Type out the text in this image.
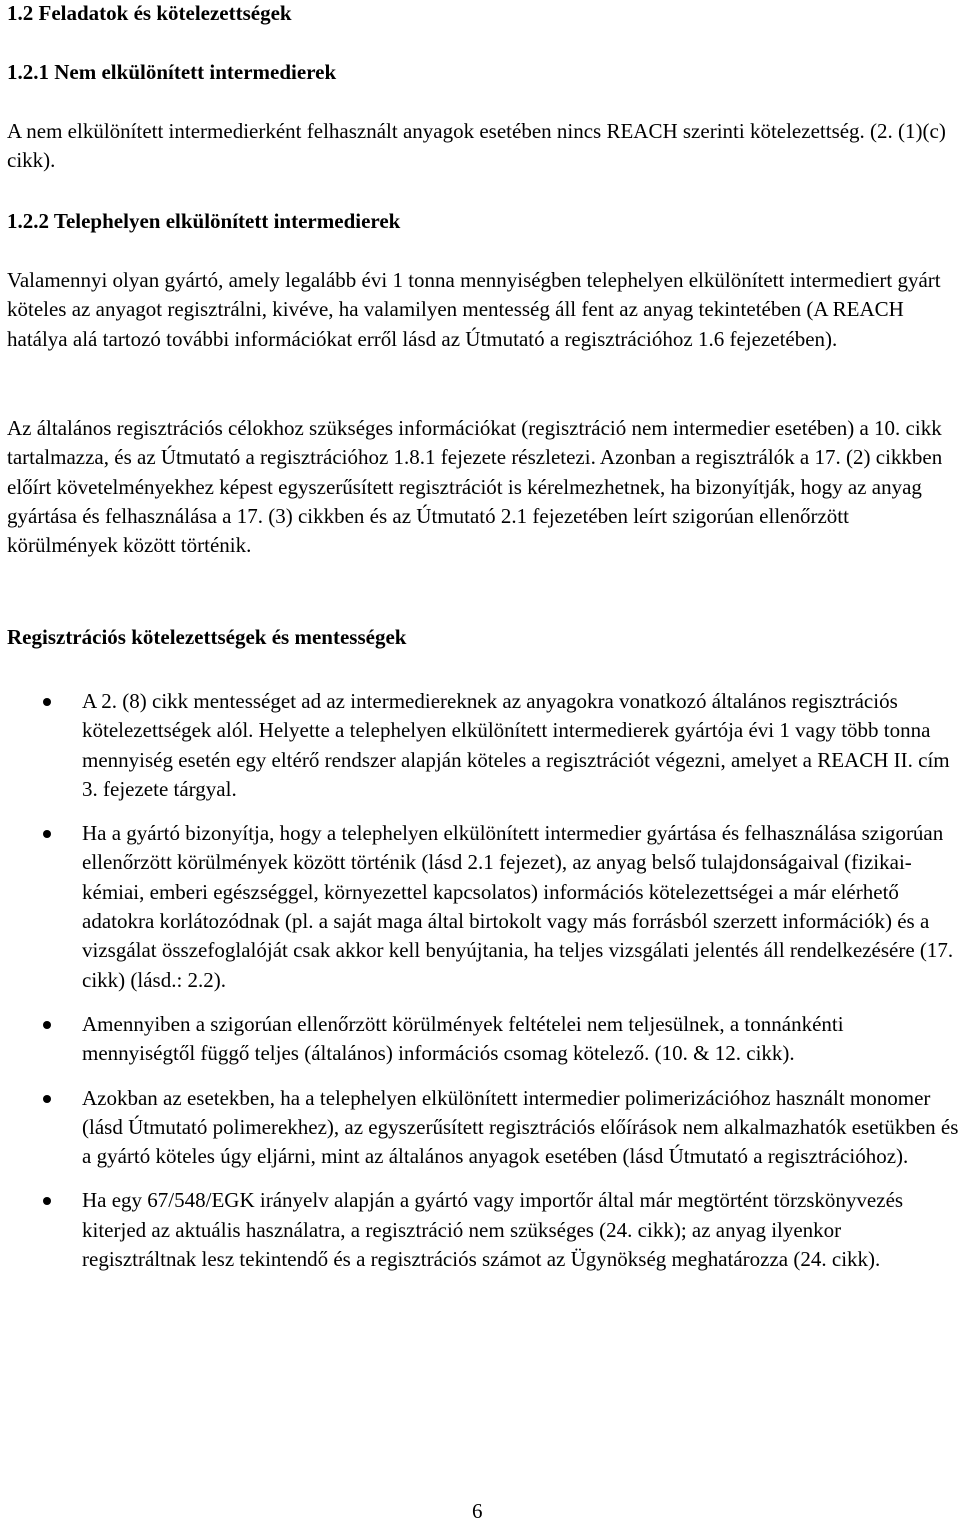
1.2 Feladatok és kötelezettségek
1.2.1 Nem elkülönített intermedierek

A nem elkülönített intermedierként felhasznált anyagok esetében nincs REACH szerinti kötelezettség. (2. (1)(c) cikk).

1.2.2 Telephelyen elkülönített intermedierek

Valamennyi olyan gyártó, amely legalább évi 1 tonna mennyiségben telephelyen elkülönített intermediert gyárt köteles az anyagot regisztrálni, kivéve, ha valamilyen mentesség áll fent az anyag tekintetében (A REACH hatálya alá tartozó további információkat erről lásd az Útmutató a regisztrációhoz 1.6 fejezetében).

Az általános regisztrációs célokhoz szükséges információkat (regisztráció nem intermedier esetében) a 10. cikk tartalmazza, és az Útmutató a regisztrációhoz 1.8.1 fejezete részletezi. Azonban a regisztrálók a 17. (2) cikkben előírt követelményekhez képest egyszerűsített regisztrációt is kérelmezhetnek, ha bizonyítják, hogy az anyag gyártása és felhasználása a 17. (3) cikkben és az Útmutató 2.1 fejezetében leírt szigorúan ellenőrzött körülmények között történik.

Regisztrációs kötelezettségek és mentességek
A 2. (8) cikk mentességet ad az intermediereknek az anyagokra vonatkozó általános regisztrációs kötelezettségek alól. Helyette a telephelyen elkülönített intermedierek gyártója évi 1 vagy több tonna mennyiség esetén egy eltérő rendszer alapján köteles a regisztrációt végezni, amelyet a REACH II. cím 3. fejezete tárgyal.
Ha a gyártó bizonyítja, hogy a telephelyen elkülönített intermedier gyártása és felhasználása szigorúan ellenőrzött körülmények között történik (lásd 2.1 fejezet), az anyag belső tulajdonságaival (fizikai-kémiai, emberi egészséggel, környezettel kapcsolatos) információs kötelezettségei a már elérhető adatokra korlátozódnak (pl. a saját maga által birtokolt vagy más forrásból szerzett információk) és a vizsgálat összefoglalóját csak akkor kell benyújtania, ha teljes vizsgálati jelentés áll rendelkezésére (17. cikk) (lásd.: 2.2).
Amennyiben a szigorúan ellenőrzött körülmények feltételei nem teljesülnek, a tonnánkénti mennyiségtől függő teljes (általános) információs csomag kötelező. (10. & 12. cikk).
Azokban az esetekben, ha a telephelyen elkülönített intermedier polimerizációhoz használt monomer (lásd Útmutató polimerekhez), az egyszerűsített regisztrációs előírások nem alkalmazhatók esetükben és a gyártó köteles úgy eljárni, mint az általános anyagok esetében (lásd Útmutató a regisztrációhoz).
Ha egy 67/548/EGK irányelv alapján a gyártó vagy importőr által már megtörtént törzskönyvezés kiterjed az aktuális használatra, a regisztráció nem szükséges (24. cikk); az anyag ilyenkor regisztráltnak lesz tekintendő és a regisztrációs számot az Ügynökség meghatározza (24. cikk).
6
